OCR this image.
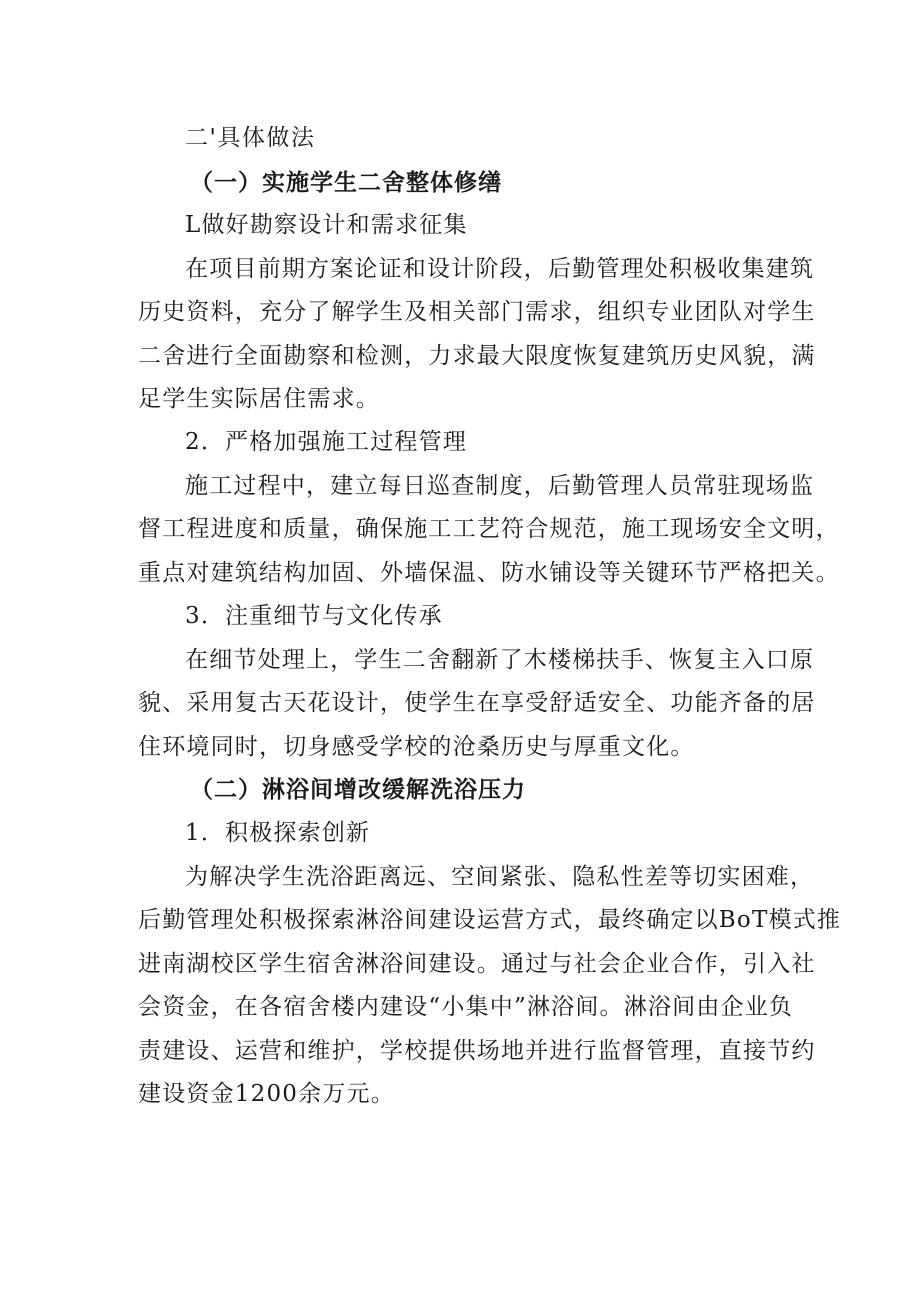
二'具体做法
（一）实施学生二舍整体修缮
L做好勘察设计和需求征集
在项目前期方案论证和设计阶段，后勤管理处积极收集建筑
历史资料，充分了解学生及相关部门需求，组织专业团队对学生
二舍进行全面勘察和检测，力求最大限度恢复建筑历史风貌，满
足学生实际居住需求。
2．严格加强施工过程管理
施工过程中，建立每日巡查制度，后勤管理人员常驻现场监
督工程进度和质量，确保施工工艺符合规范，施工现场安全文明，
重点对建筑结构加固、外墙保温、防水铺设等关键环节严格把关。
3．注重细节与文化传承
在细节处理上，学生二舍翻新了木楼梯扶手、恢复主入口原
貌、采用复古天花设计，使学生在享受舒适安全、功能齐备的居
住环境同时，切身感受学校的沧桑历史与厚重文化。
（二）淋浴间增改缓解洗浴压力
1．积极探索创新
为解决学生洗浴距离远、空间紧张、隐私性差等切实困难，
后勤管理处积极探索淋浴间建设运营方式，最终确定以BoT模式推
进南湖校区学生宿舍淋浴间建设。通过与社会企业合作，引入社
会资金，在各宿舍楼内建设“小集中”淋浴间。淋浴间由企业负
责建设、运营和维护，学校提供场地并进行监督管理，直接节约
建设资金1200余万元。
